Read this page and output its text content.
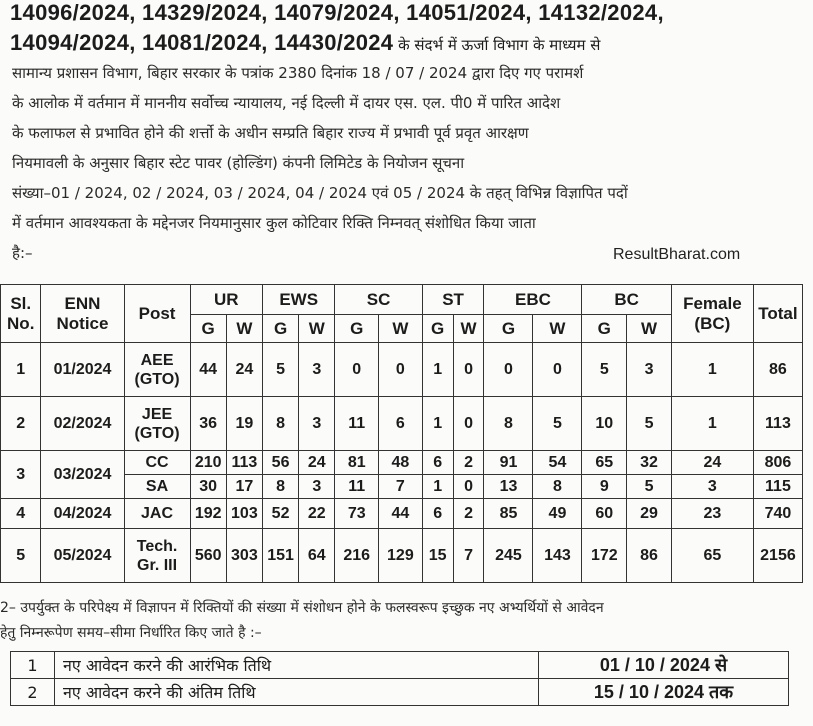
14096/2024, 14329/2024, 14079/2024, 14051/2024, 14132/2024,
14094/2024, 14081/2024, 14430/2024 के संदर्भ में ऊर्जा विभाग के माध्यम से
सामान्य प्रशासन विभाग, बिहार सरकार के पत्रांक 2380 दिनांक 18 / 07 / 2024 द्वारा दिए गए परामर्श
के आलोक में वर्तमान में माननीय सर्वोच्च न्यायालय, नई दिल्ली में दायर एस. एल. पी0 में पारित आदेश
के फलाफल से प्रभावित होने की शर्त्तो के अधीन सम्प्रति बिहार राज्य में प्रभावी पूर्व प्रवृत आरक्षण
नियमावली के अनुसार बिहार स्टेट पावर (होल्डिंग) कंपनी लिमिटेड के नियोजन सूचना
संख्या–01 / 2024, 02 / 2024, 03 / 2024, 04 / 2024 एवं 05 / 2024 के तहत् विभिन्न विज्ञापित पदों
में वर्तमान आवश्यकता के मद्देनजर नियमानुसार कुल कोटिवार रिक्ति निम्नवत् संशोधित किया जाता
है:–	ResultBharat.com
Sl.
No.	ENN
Notice	Post	UR		EWS		SC		ST		EBC		BC		Female
(BC)	Total
			G	W	G	W	G	W	G	W	G	W	G	W		
1	01/2024	AEE
(GTO)	44	24	5	3	0	0	1	0	0	0	5	3	1	86
2	02/2024	JEE
(GTO)	36	19	8	3	11	6	1	0	8	5	10	5	1	113
3	03/2024	CC	210	113	56	24	81	48	6	2	91	54	65	32	24	806
		SA	30	17	8	3	11	7	1	0	13	8	9	5	3	115
4	04/2024	JAC	192	103	52	22	73	44	6	2	85	49	60	29	23	740
5	05/2024	Tech.
Gr. III	560	303	151	64	216	129	15	7	245	143	172	86	65	2156
2– उपर्युक्त के परिपेक्ष्य में विज्ञापन में रिक्तियों की संख्या में संशोधन होने के फलस्वरूप इच्छुक नए अभ्यर्थियों से आवेदन
हेतु निम्नरूपेण समय–सीमा निर्धारित किए जाते है :–
1	नए आवेदन करने की आरंभिक तिथि	01 / 10 / 2024 से
2	नए आवेदन करने की अंतिम तिथि	15 / 10 / 2024 तक
